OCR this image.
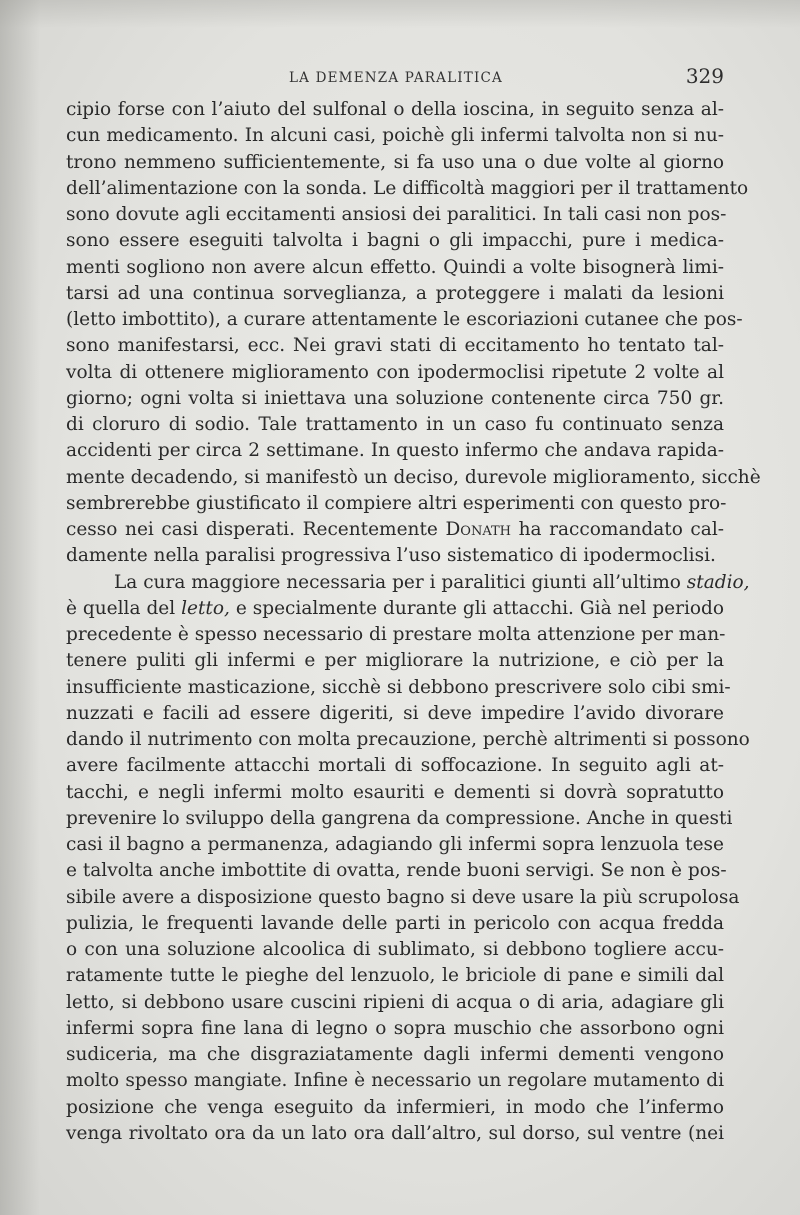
LA DEMENZA PARALITICA	329
cipio forse con l’aiuto del sulfonal o della ioscina, in seguito senza al-
cun medicamento. In alcuni casi, poichè gli infermi talvolta non si nu-
trono nemmeno sufficientemente, si fa uso una o due volte al giorno
dell’alimentazione con la sonda. Le difficoltà maggiori per il trattamento
sono dovute agli eccitamenti ansiosi dei paralitici. In tali casi non pos-
sono essere eseguiti talvolta i bagni o gli impacchi, pure i medica-
menti sogliono non avere alcun effetto. Quindi a volte bisognerà limi-
tarsi ad una continua sorveglianza, a proteggere i malati da lesioni
(letto imbottito), a curare attentamente le escoriazioni cutanee che pos-
sono manifestarsi, ecc. Nei gravi stati di eccitamento ho tentato tal-
volta di ottenere miglioramento con ipodermoclisi ripetute 2 volte al
giorno; ogni volta si iniettava una soluzione contenente circa 750 gr.
di cloruro di sodio. Tale trattamento in un caso fu continuato senza
accidenti per circa 2 settimane. In questo infermo che andava rapida-
mente decadendo, si manifestò un deciso, durevole miglioramento, sicchè
sembrerebbe giustificato il compiere altri esperimenti con questo pro-
cesso nei casi disperati. Recentemente Donath ha raccomandato cal-
damente nella paralisi progressiva l’uso sistematico di ipodermoclisi.
La cura maggiore necessaria per i paralitici giunti all’ultimo stadio,
è quella del letto, e specialmente durante gli attacchi. Già nel periodo
precedente è spesso necessario di prestare molta attenzione per man-
tenere puliti gli infermi e per migliorare la nutrizione, e ciò per la
insufficiente masticazione, sicchè si debbono prescrivere solo cibi smi-
nuzzati e facili ad essere digeriti, si deve impedire l’avido divorare
dando il nutrimento con molta precauzione, perchè altrimenti si possono
avere facilmente attacchi mortali di soffocazione. In seguito agli at-
tacchi, e negli infermi molto esauriti e dementi si dovrà sopratutto
prevenire lo sviluppo della gangrena da compressione. Anche in questi
casi il bagno a permanenza, adagiando gli infermi sopra lenzuola tese
e talvolta anche imbottite di ovatta, rende buoni servigi. Se non è pos-
sibile avere a disposizione questo bagno si deve usare la più scrupolosa
pulizia, le frequenti lavande delle parti in pericolo con acqua fredda
o con una soluzione alcoolica di sublimato, si debbono togliere accu-
ratamente tutte le pieghe del lenzuolo, le briciole di pane e simili dal
letto, si debbono usare cuscini ripieni di acqua o di aria, adagiare gli
infermi sopra fine lana di legno o sopra muschio che assorbono ogni
sudiceria, ma che disgraziatamente dagli infermi dementi vengono
molto spesso mangiate. Infine è necessario un regolare mutamento di
posizione che venga eseguito da infermieri, in modo che l’infermo
venga rivoltato ora da un lato ora dall’altro, sul dorso, sul ventre (nei
